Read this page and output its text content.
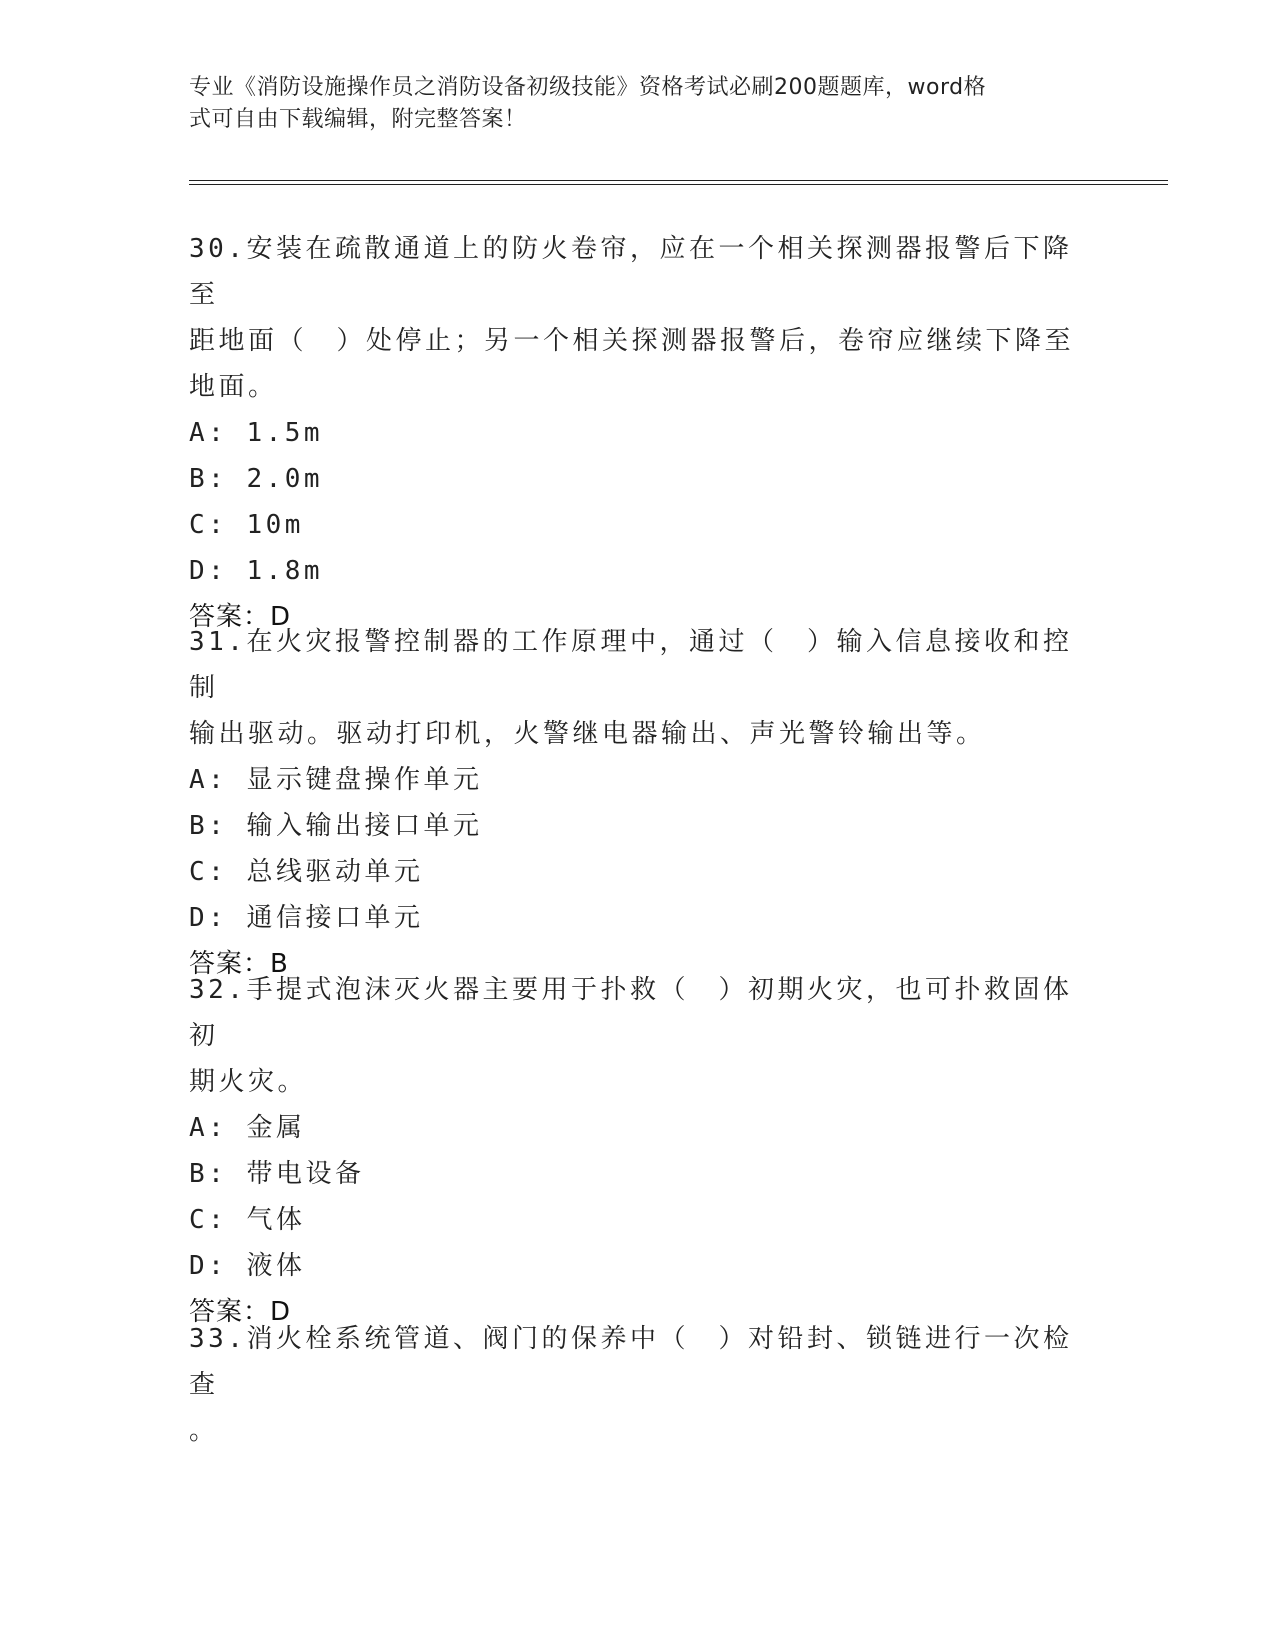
专业《消防设施操作员之消防设备初级技能》资格考试必刷200题题库，word格
式可自由下载编辑，附完整答案！

30.安装在疏散通道上的防火卷帘，应在一个相关探测器报警后下降至

距地面（　）处停止；另一个相关探测器报警后，卷帘应继续下降至

地面。

A: 1.5m

B: 2.0m

C: 10m

D: 1.8m

答案：D

31.在火灾报警控制器的工作原理中，通过（　）输入信息接收和控制

输出驱动。驱动打印机，火警继电器输出、声光警铃输出等。

A: 显示键盘操作单元

B: 输入输出接口单元

C: 总线驱动单元

D: 通信接口单元

答案：B

32.手提式泡沫灭火器主要用于扑救（　）初期火灾，也可扑救固体初

期火灾。

A: 金属

B: 带电设备

C: 气体

D: 液体

答案：D

33.消火栓系统管道、阀门的保养中（　）对铅封、锁链进行一次检查

。
